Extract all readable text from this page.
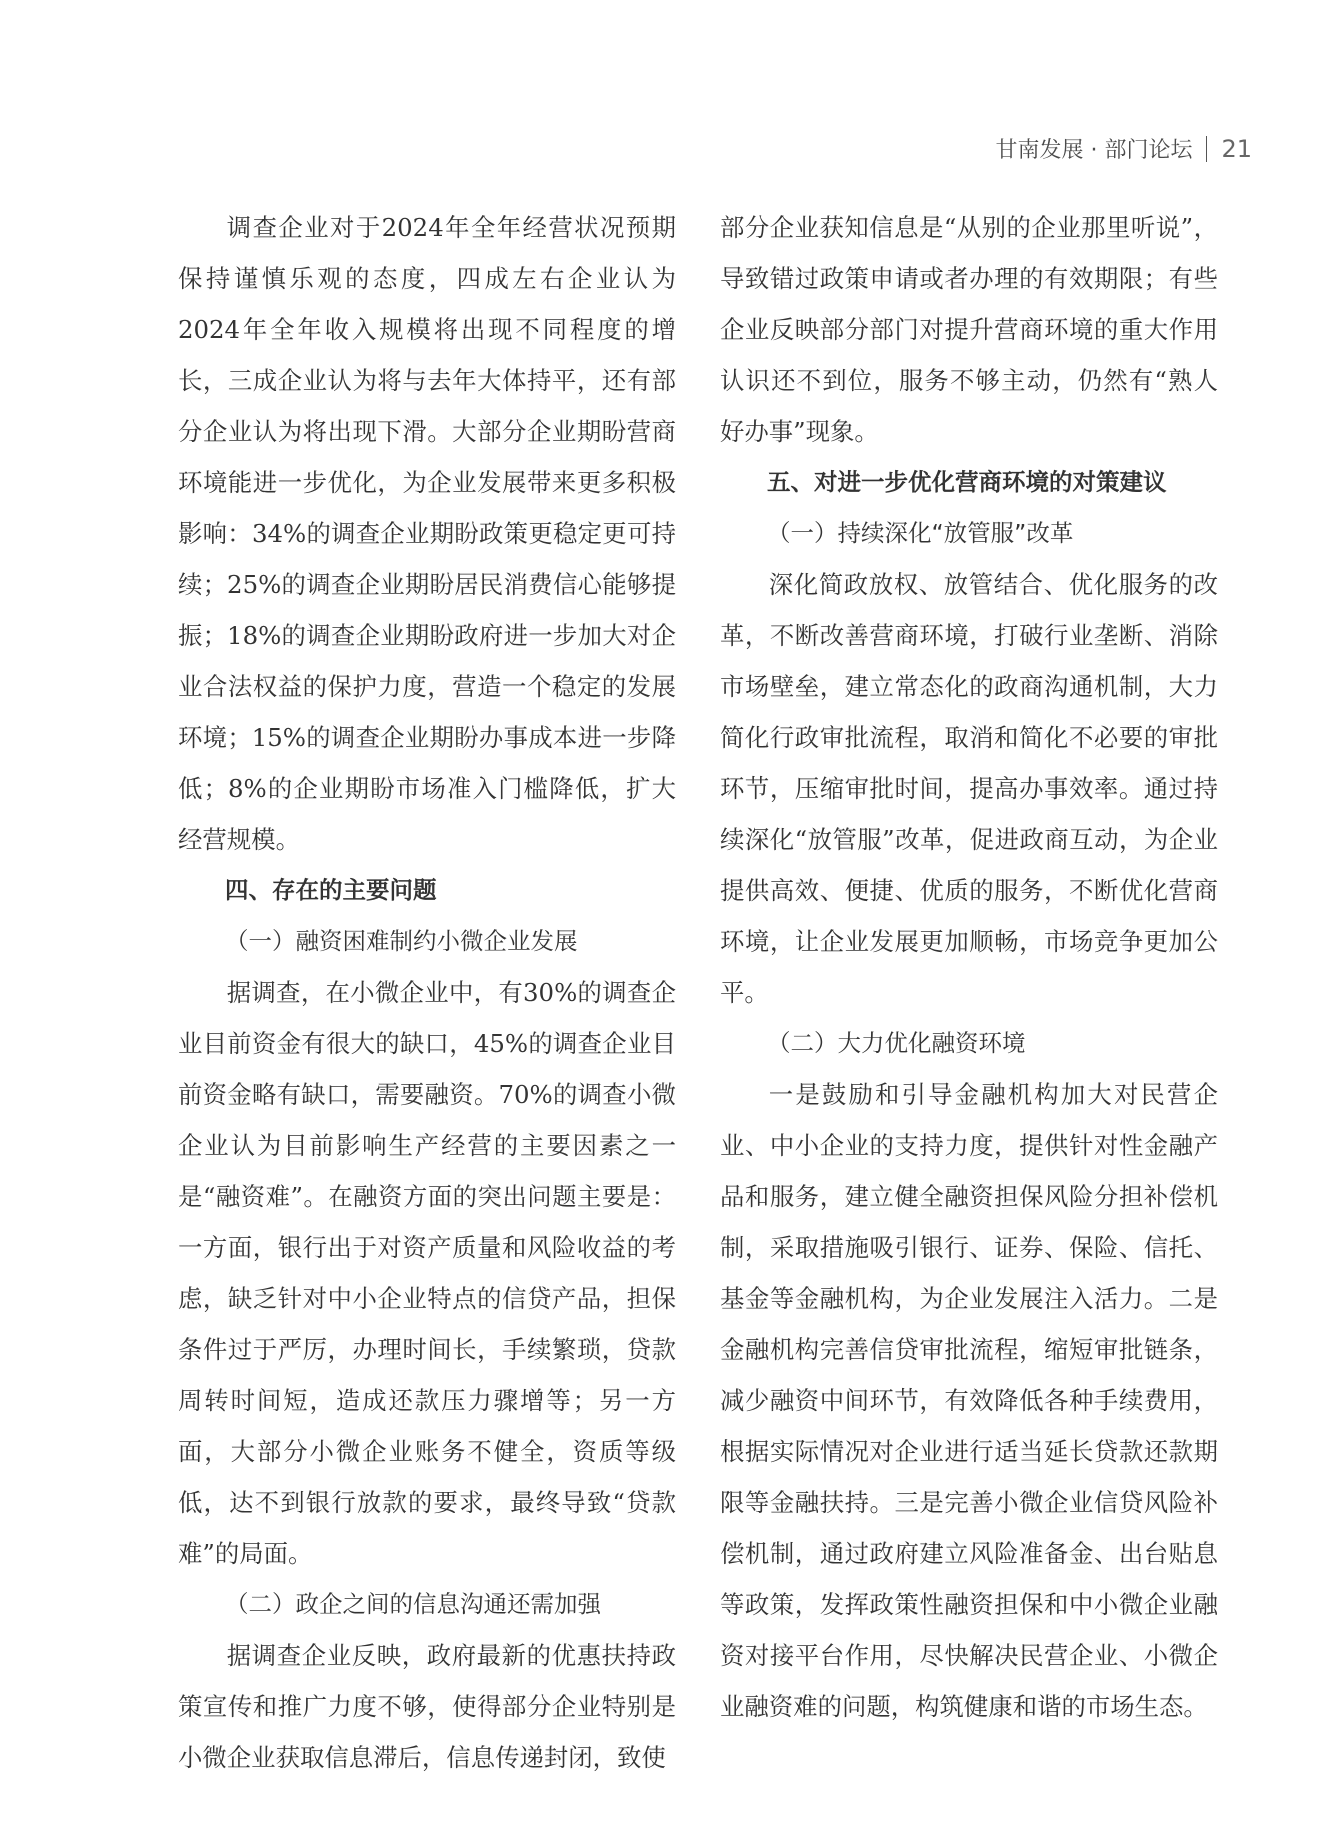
甘南发展 · 部门论坛 21

调查企业对于2024年全年经营状况预期保持谨慎乐观的态度，四成左右企业认为2024年全年收入规模将出现不同程度的增长，三成企业认为将与去年大体持平，还有部分企业认为将出现下滑。大部分企业期盼营商环境能进一步优化，为企业发展带来更多积极影响：34%的调查企业期盼政策更稳定更可持续；25%的调查企业期盼居民消费信心能够提振；18%的调查企业期盼政府进一步加大对企业合法权益的保护力度，营造一个稳定的发展环境；15%的调查企业期盼办事成本进一步降低；8%的企业期盼市场准入门槛降低，扩大经营规模。

四、存在的主要问题

（一）融资困难制约小微企业发展

据调查，在小微企业中，有30%的调查企业目前资金有很大的缺口，45%的调查企业目前资金略有缺口，需要融资。70%的调查小微企业认为目前影响生产经营的主要因素之一是“融资难”。在融资方面的突出问题主要是：一方面，银行出于对资产质量和风险收益的考虑，缺乏针对中小企业特点的信贷产品，担保条件过于严厉，办理时间长，手续繁琐，贷款周转时间短，造成还款压力骤增等；另一方面，大部分小微企业账务不健全，资质等级低，达不到银行放款的要求，最终导致“贷款难”的局面。

（二）政企之间的信息沟通还需加强

据调查企业反映，政府最新的优惠扶持政策宣传和推广力度不够，使得部分企业特别是小微企业获取信息滞后，信息传递封闭，致使

部分企业获知信息是“从别的企业那里听说”，导致错过政策申请或者办理的有效期限；有些企业反映部分部门对提升营商环境的重大作用认识还不到位，服务不够主动，仍然有“熟人好办事”现象。

五、对进一步优化营商环境的对策建议

（一）持续深化“放管服”改革

深化简政放权、放管结合、优化服务的改革，不断改善营商环境，打破行业垄断、消除市场壁垒，建立常态化的政商沟通机制，大力简化行政审批流程，取消和简化不必要的审批环节，压缩审批时间，提高办事效率。通过持续深化“放管服”改革，促进政商互动，为企业提供高效、便捷、优质的服务，不断优化营商环境，让企业发展更加顺畅，市场竞争更加公平。

（二）大力优化融资环境

一是鼓励和引导金融机构加大对民营企业、中小企业的支持力度，提供针对性金融产品和服务，建立健全融资担保风险分担补偿机制，采取措施吸引银行、证券、保险、信托、基金等金融机构，为企业发展注入活力。二是金融机构完善信贷审批流程，缩短审批链条，减少融资中间环节，有效降低各种手续费用，根据实际情况对企业进行适当延长贷款还款期限等金融扶持。三是完善小微企业信贷风险补偿机制，通过政府建立风险准备金、出台贴息等政策，发挥政策性融资担保和中小微企业融资对接平台作用，尽快解决民营企业、小微企业融资难的问题，构筑健康和谐的市场生态。
